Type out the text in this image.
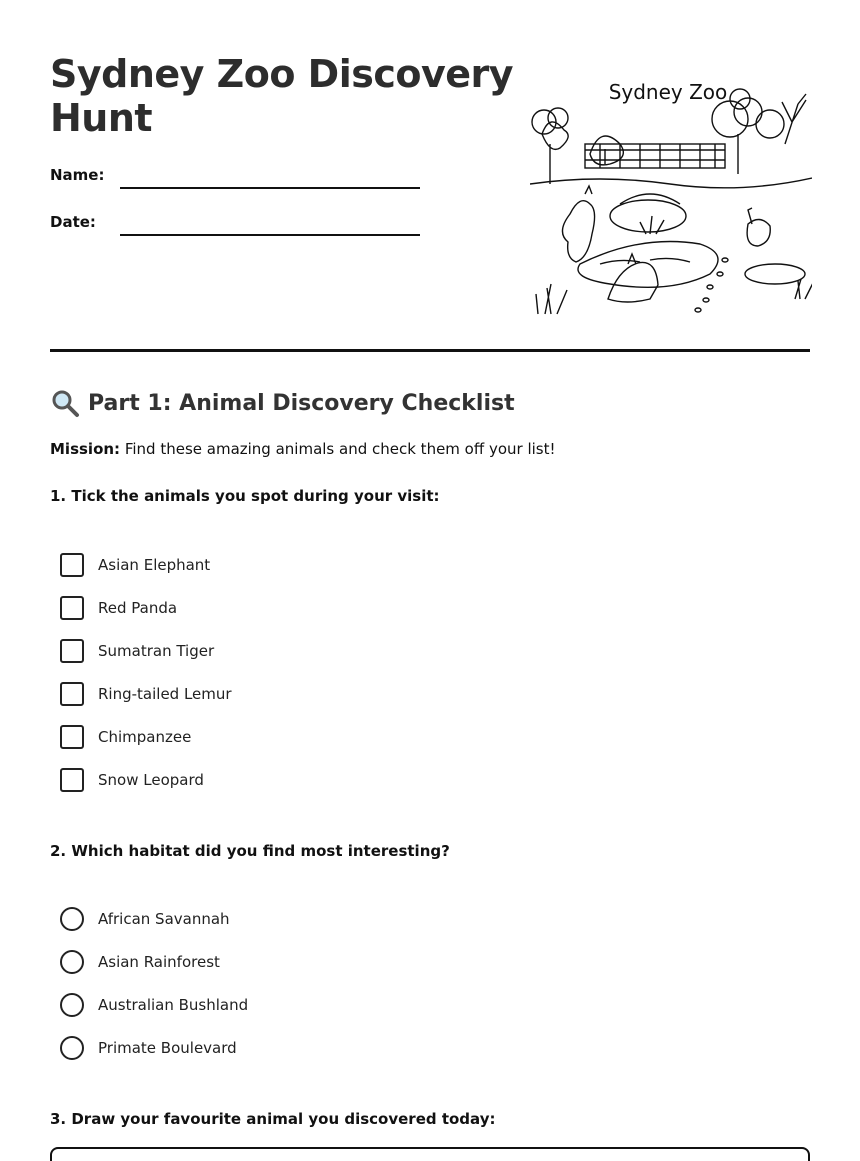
Sydney Zoo Discovery Hunt
Name:
Date:
Sydney Zoo
Part 1: Animal Discovery Checklist
Mission: Find these amazing animals and check them off your list!
1. Tick the animals you spot during your visit:
Asian Elephant
Red Panda
Sumatran Tiger
Ring-tailed Lemur
Chimpanzee
Snow Leopard
2. Which habitat did you find most interesting?
African Savannah
Asian Rainforest
Australian Bushland
Primate Boulevard
3. Draw your favourite animal you discovered today:
